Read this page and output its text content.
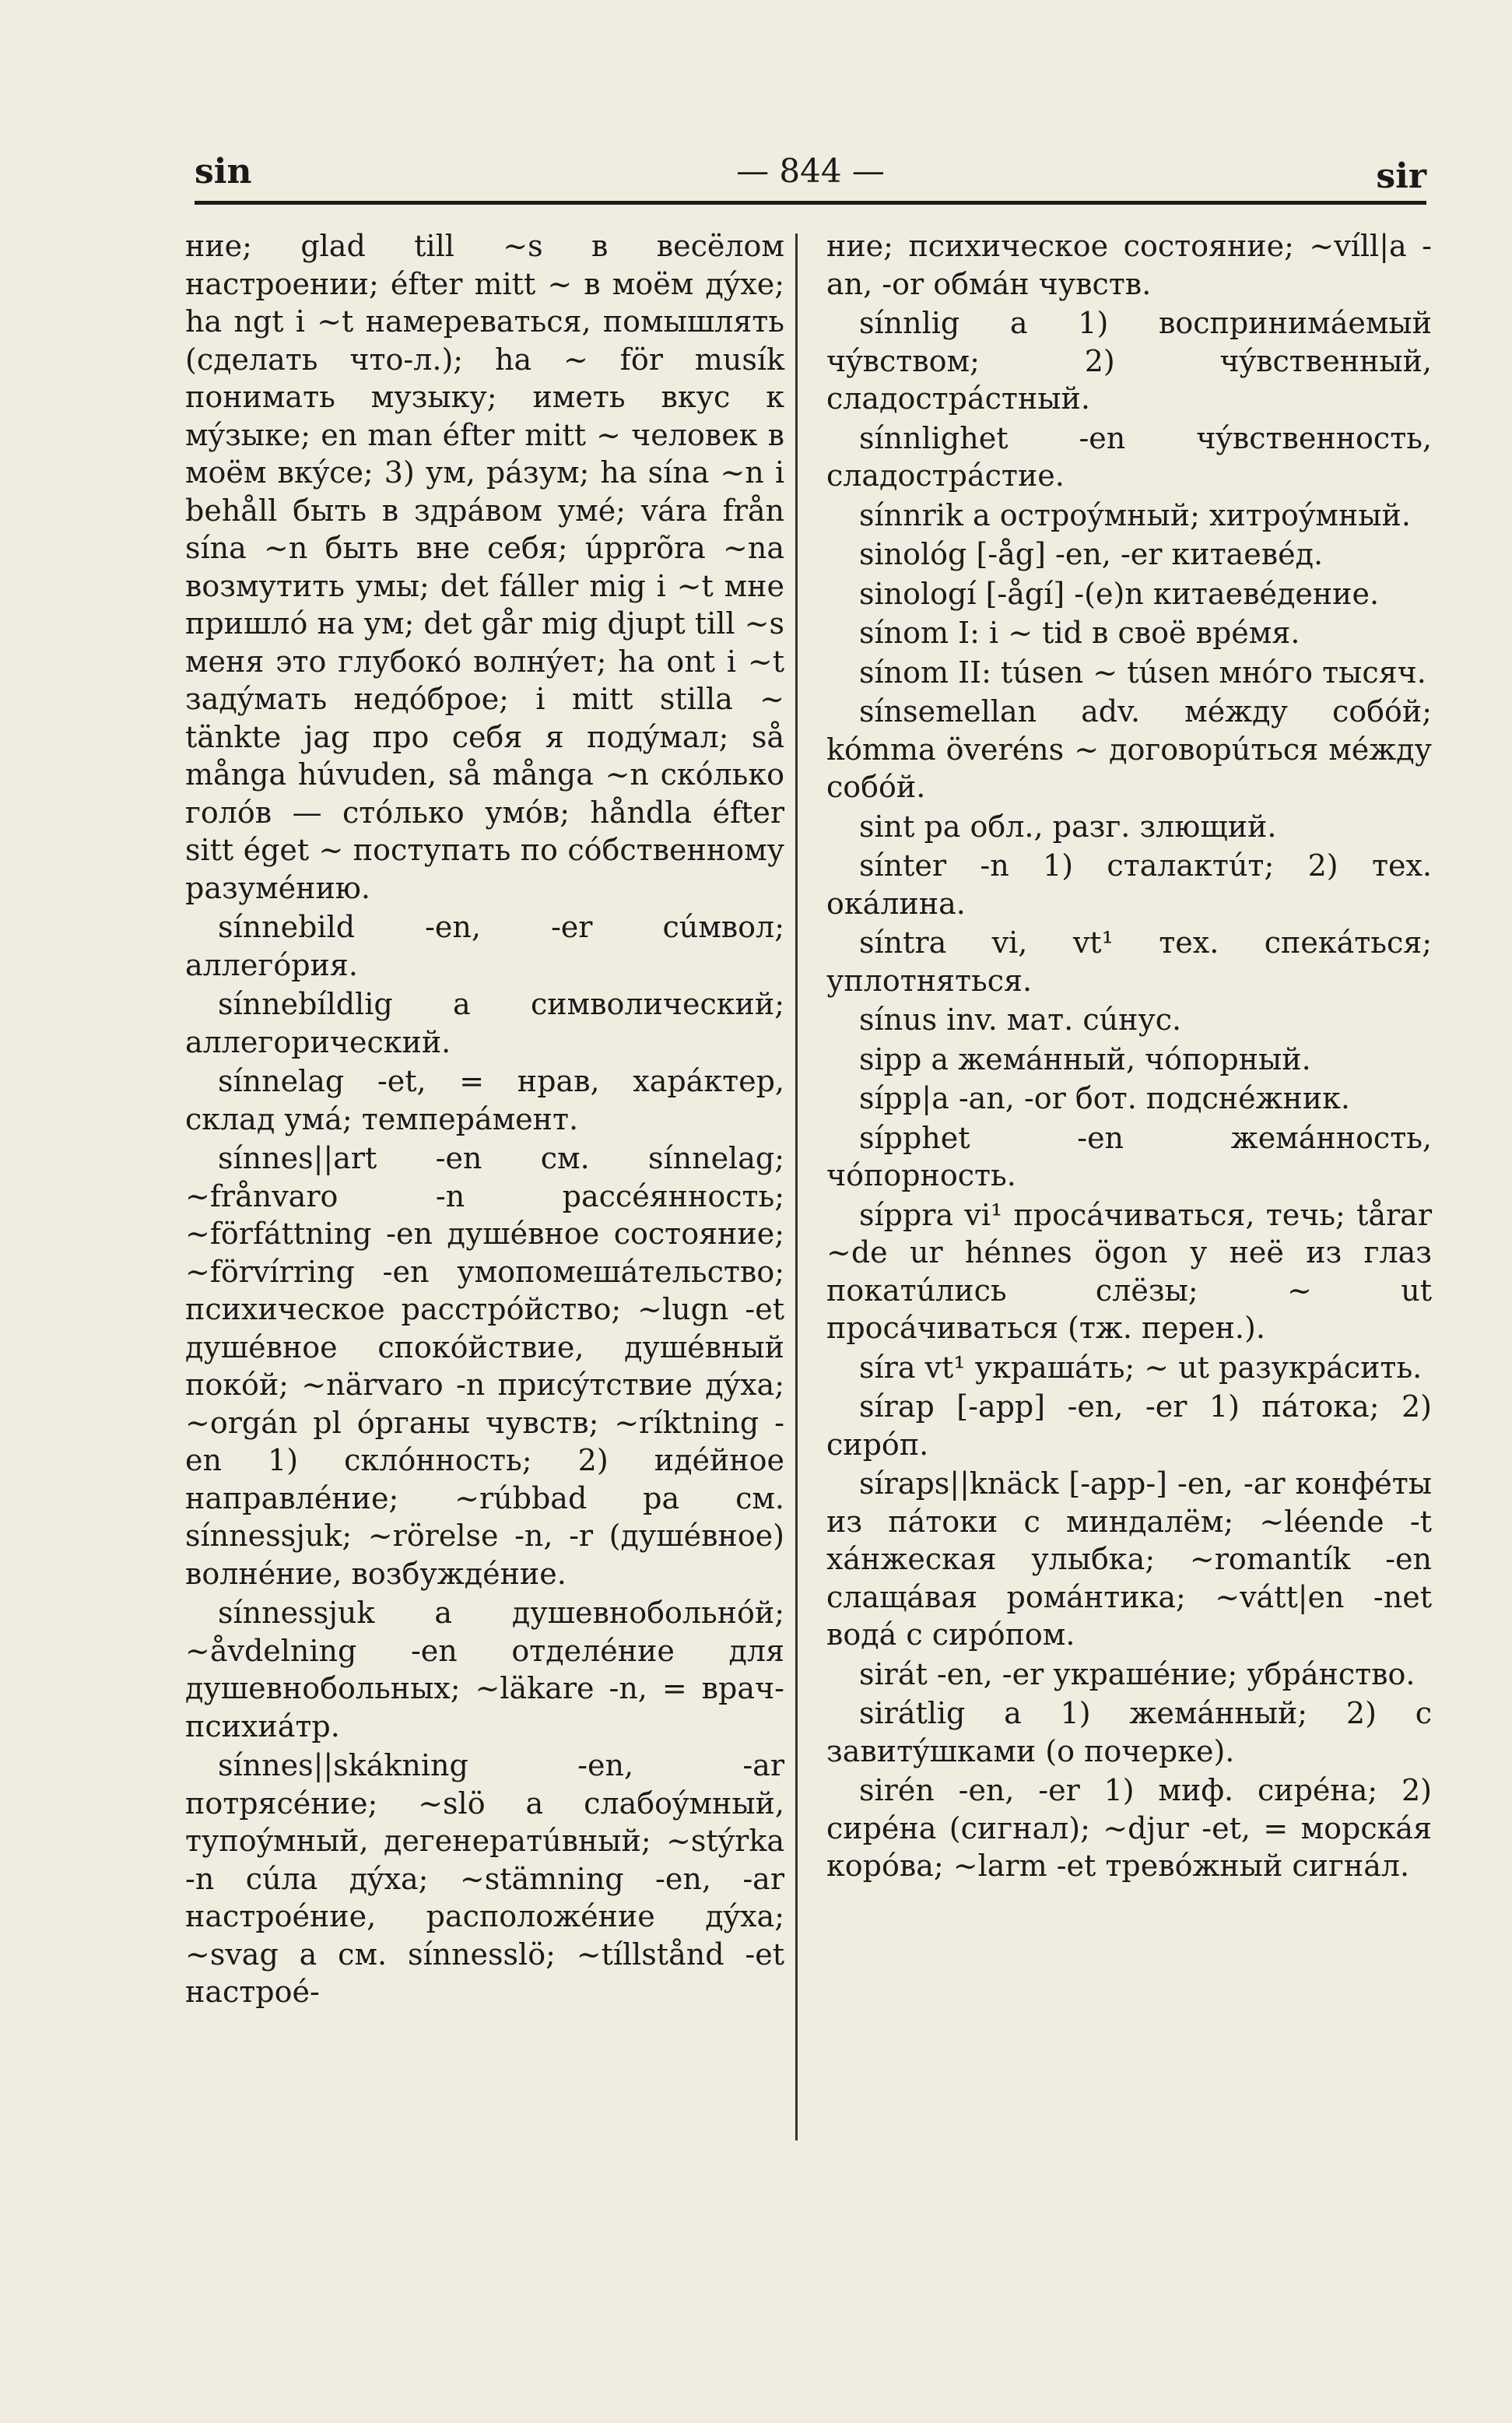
sin	— 844 —	sir

ние; glad till ~s в весёлом настроении; éfter mitt ~ в моём дýхе; ha ngt i ~t намереваться, помышлять (сделать что-л.); ha ~ för musík понимать музыку; иметь вкус к мýзыке; en man éfter mitt ~ человек в моём вкýсе; 3) ум, рáзум; ha sína ~n i behåll быть в здрáвом умé; vára från sína ~n быть вне себя; úpprõra ~na возмутить умы; det fáller mig i ~t мне пришлó на ум; det går mig djupt till ~s меня это глубокó волнýет; ha ont i ~t задýмать недóброе; i mitt stilla ~ tänkte jag про себя я подýмал; så många húvuden, så många ~n скóлько голóв — стóлько умóв; håndla éfter sitt éget ~ поступать по сóбственному разумéнию.

sínnebild -en, -er сúмвол; аллегóрия.

sínnebíldlig a символический; аллегорический.

sínnelag -et, = нрав, харáктер, склад умá; темперáмент.

sínnes||art -en см. sínnelag; ~frånvaro -n рассéянность; ~förfáttning -en душéвное состояние; ~förvírring -en умопомешáтельство; психическое расстрóйство; ~lugn -et душéвное спокóйствие, душéвный покóй; ~närvaro -n присýтствие дýха; ~orgán pl óрганы чувств; ~ríktning -en 1) склóнность; 2) идéйное направлéние; ~rúbbad pa см. sínnessjuk; ~rörelse -n, -r (душéвное) волнéние, возбуждéние.

sínnessjuk a душевнобольнóй; ~åvdelning -en отделéние для душевнобольных; ~läkare -n, = врач-психиáтр.

sínnes||skákning -en, -ar потрясéние; ~slö a слабоýмный, тупоýмный, дегенератúвный; ~stýrka -n сúла дýха; ~stämning -en, -ar настроéние, расположéние дýха; ~svag a см. sínnesslö; ~tíllstånd -et настроé-

ние; психическое состояние; ~víll|a -an, -or обмáн чувств.

sínnlig a 1) воспринимáемый чýвством; 2) чýвственный, сладострáстный.

sínnlighet -en чýвственность, сладострáстие.

sínnrik a остроýмный; хитроýмный.

sinológ [-åg] -en, -er китаевéд.

sinologí [-ågí] -(e)n китаевéдение.

sínom I: i ~ tid в своё врéмя.

sínom II: túsen ~ túsen мнóго тысяч.

sínsemellan adv. мéжду собóй; kómma överéns ~ договорúться мéжду собóй.

sint pa обл., разг. злющий.

sínter -n 1) сталактúт; 2) тех. окáлина.

síntra vi, vt¹ тех. спекáться; уплотняться.

sínus inv. мат. сúнус.

sipp a жемáнный, чóпорный.

sípp|a -an, -or бот. подснéжник.

sípphet -en жемáнность, чóпорность.

síppra vi¹ просáчиваться, течь; tårar ~de ur hénnes ögon у неё из глаз покатúлись слёзы; ~ ut просáчиваться (тж. перен.).

síra vt¹ украшáть; ~ ut разукрáсить.

sírap [-app] -en, -er 1) пáтока; 2) сирóп.

síraps||knäck [-app-] -en, -ar конфéты из пáтоки с миндалём; ~léende -t хáнжеская улыбка; ~romantík -en слащáвая ромáнтика; ~vátt|en -net водá с сирóпом.

sirát -en, -er украшéние; убрáнство.

sirátlig a 1) жемáнный; 2) с завитýшками (о почерке).

sirén -en, -er 1) миф. сирéна; 2) сирéна (сигнал); ~djur -et, = морскáя корóва; ~larm -et тревóжный сигнáл.
